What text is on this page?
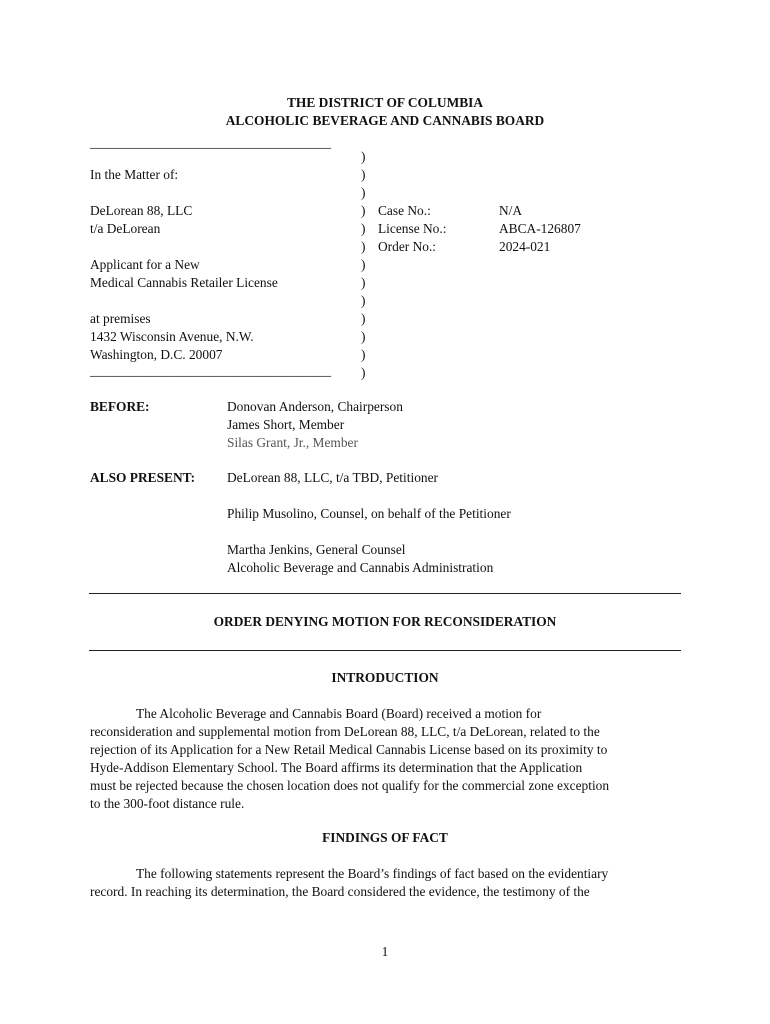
THE DISTRICT OF COLUMBIA
ALCOHOLIC BEVERAGE AND CANNABIS BOARD
____________________________________
)
)
)
)
)
)
)
)
)
)
)
)
)
In the Matter of:
DeLorean 88, LLC
t/a DeLorean
Applicant for a New
Medical Cannabis Retailer License
at premises
1432 Wisconsin Avenue, N.W.
Washington, D.C. 20007
____________________________________
Case No.:	N/A
License No.:	ABCA-126807
Order No.:	2024-021
BEFORE:	Donovan Anderson, Chairperson
James Short, Member
Silas Grant, Jr., Member
ALSO PRESENT: DeLorean 88, LLC, t/a TBD, Petitioner
Philip Musolino, Counsel, on behalf of the Petitioner
Martha Jenkins, General Counsel
Alcoholic Beverage and Cannabis Administration
ORDER DENYING MOTION FOR RECONSIDERATION
INTRODUCTION
The Alcoholic Beverage and Cannabis Board (Board) received a motion for
reconsideration and supplemental motion from DeLorean 88, LLC, t/a DeLorean, related to the
rejection of its Application for a New Retail Medical Cannabis License based on its proximity to
Hyde-Addison Elementary School. The Board affirms its determination that the Application
must be rejected because the chosen location does not qualify for the commercial zone exception
to the 300-foot distance rule.
FINDINGS OF FACT
The following statements represent the Board’s findings of fact based on the evidentiary
record. In reaching its determination, the Board considered the evidence, the testimony of the
1
